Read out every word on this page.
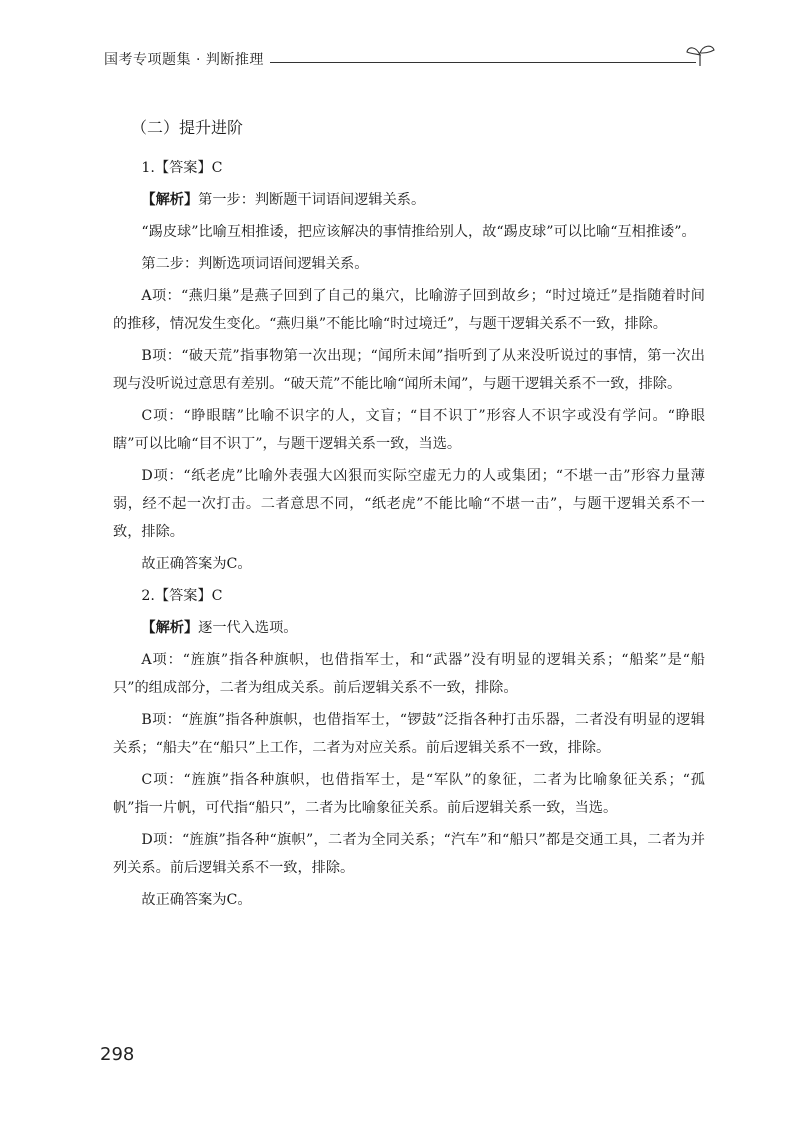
国考专项题集 · 判断推理
（二）提升进阶

1.【答案】C

【解析】第一步：判断题干词语间逻辑关系。

“踢皮球”比喻互相推诿，把应该解决的事情推给别人，故“踢皮球”可以比喻“互相推诿”。

第二步：判断选项词语间逻辑关系。

A项：“燕归巢”是燕子回到了自己的巢穴，比喻游子回到故乡；“时过境迁”是指随着时间的推移，情况发生变化。“燕归巢”不能比喻“时过境迁”，与题干逻辑关系不一致，排除。

B项：“破天荒”指事物第一次出现；“闻所未闻”指听到了从来没听说过的事情，第一次出现与没听说过意思有差别。“破天荒”不能比喻“闻所未闻”，与题干逻辑关系不一致，排除。

C项：“睁眼瞎”比喻不识字的人，文盲；“目不识丁”形容人不识字或没有学问。“睁眼瞎”可以比喻“目不识丁”，与题干逻辑关系一致，当选。

D项：“纸老虎”比喻外表强大凶狠而实际空虚无力的人或集团；“不堪一击”形容力量薄弱，经不起一次打击。二者意思不同，“纸老虎”不能比喻“不堪一击”，与题干逻辑关系不一致，排除。

故正确答案为C。

2.【答案】C

【解析】逐一代入选项。

A项：“旌旗”指各种旗帜，也借指军士，和“武器”没有明显的逻辑关系；“船桨”是“船只”的组成部分，二者为组成关系。前后逻辑关系不一致，排除。

B项：“旌旗”指各种旗帜，也借指军士，“锣鼓”泛指各种打击乐器，二者没有明显的逻辑关系；“船夫”在“船只”上工作，二者为对应关系。前后逻辑关系不一致，排除。

C项：“旌旗”指各种旗帜，也借指军士，是“军队”的象征，二者为比喻象征关系；“孤帆”指一片帆，可代指“船只”，二者为比喻象征关系。前后逻辑关系一致，当选。

D项：“旌旗”指各种“旗帜”，二者为全同关系；“汽车”和“船只”都是交通工具，二者为并列关系。前后逻辑关系不一致，排除。

故正确答案为C。

298
